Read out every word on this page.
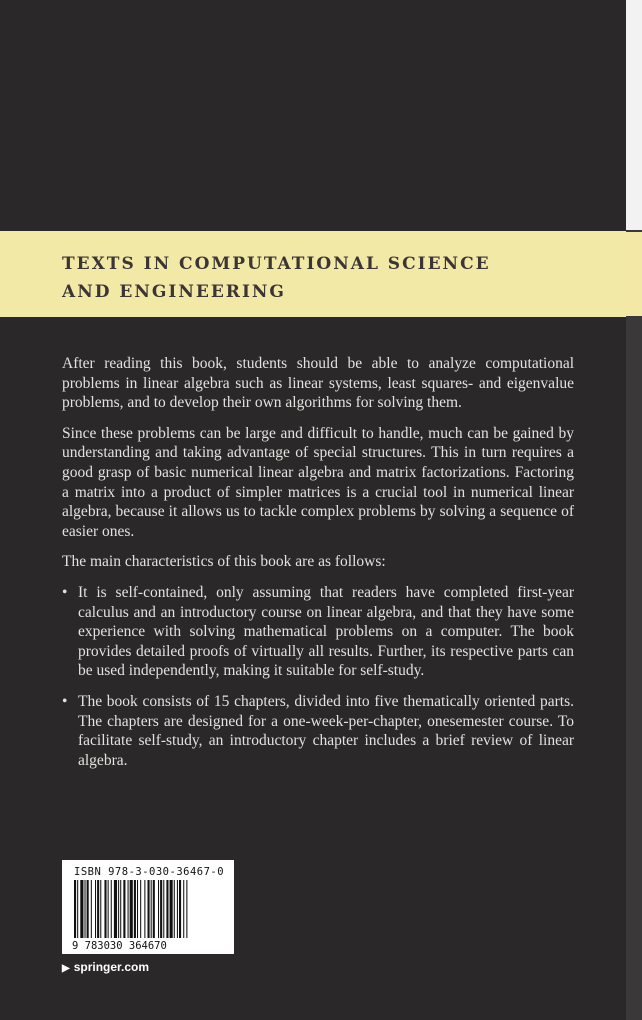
TEXTS IN COMPUTATIONAL SCIENCE
AND ENGINEERING

After reading this book, students should be able to analyze computational problems in linear algebra such as linear systems, least squares- and eigenvalue problems, and to develop their own algorithms for solving them.

Since these problems can be large and difficult to handle, much can be gained by understanding and taking advantage of special structures. This in turn requires a good grasp of basic numerical linear algebra and matrix factorizations. Factoring a matrix into a product of simpler matrices is a crucial tool in numerical linear algebra, because it allows us to tackle complex problems by solving a sequence of easier ones.

The main characteristics of this book are as follows:

• It is self-contained, only assuming that readers have completed first-year calculus and an introductory course on linear algebra, and that they have some experience with solving mathematical problems on a computer. The book provides detailed proofs of virtually all results. Further, its respective parts can be used independently, making it suitable for self-study.
• The book consists of 15 chapters, divided into five thematically oriented parts. The chapters are designed for a one-week-per-chapter, onesemester course. To facilitate self-study, an introductory chapter includes a brief review of linear algebra.
ISBN 978-3-030-36467-0
9 783030 364670
▶ springer.com
